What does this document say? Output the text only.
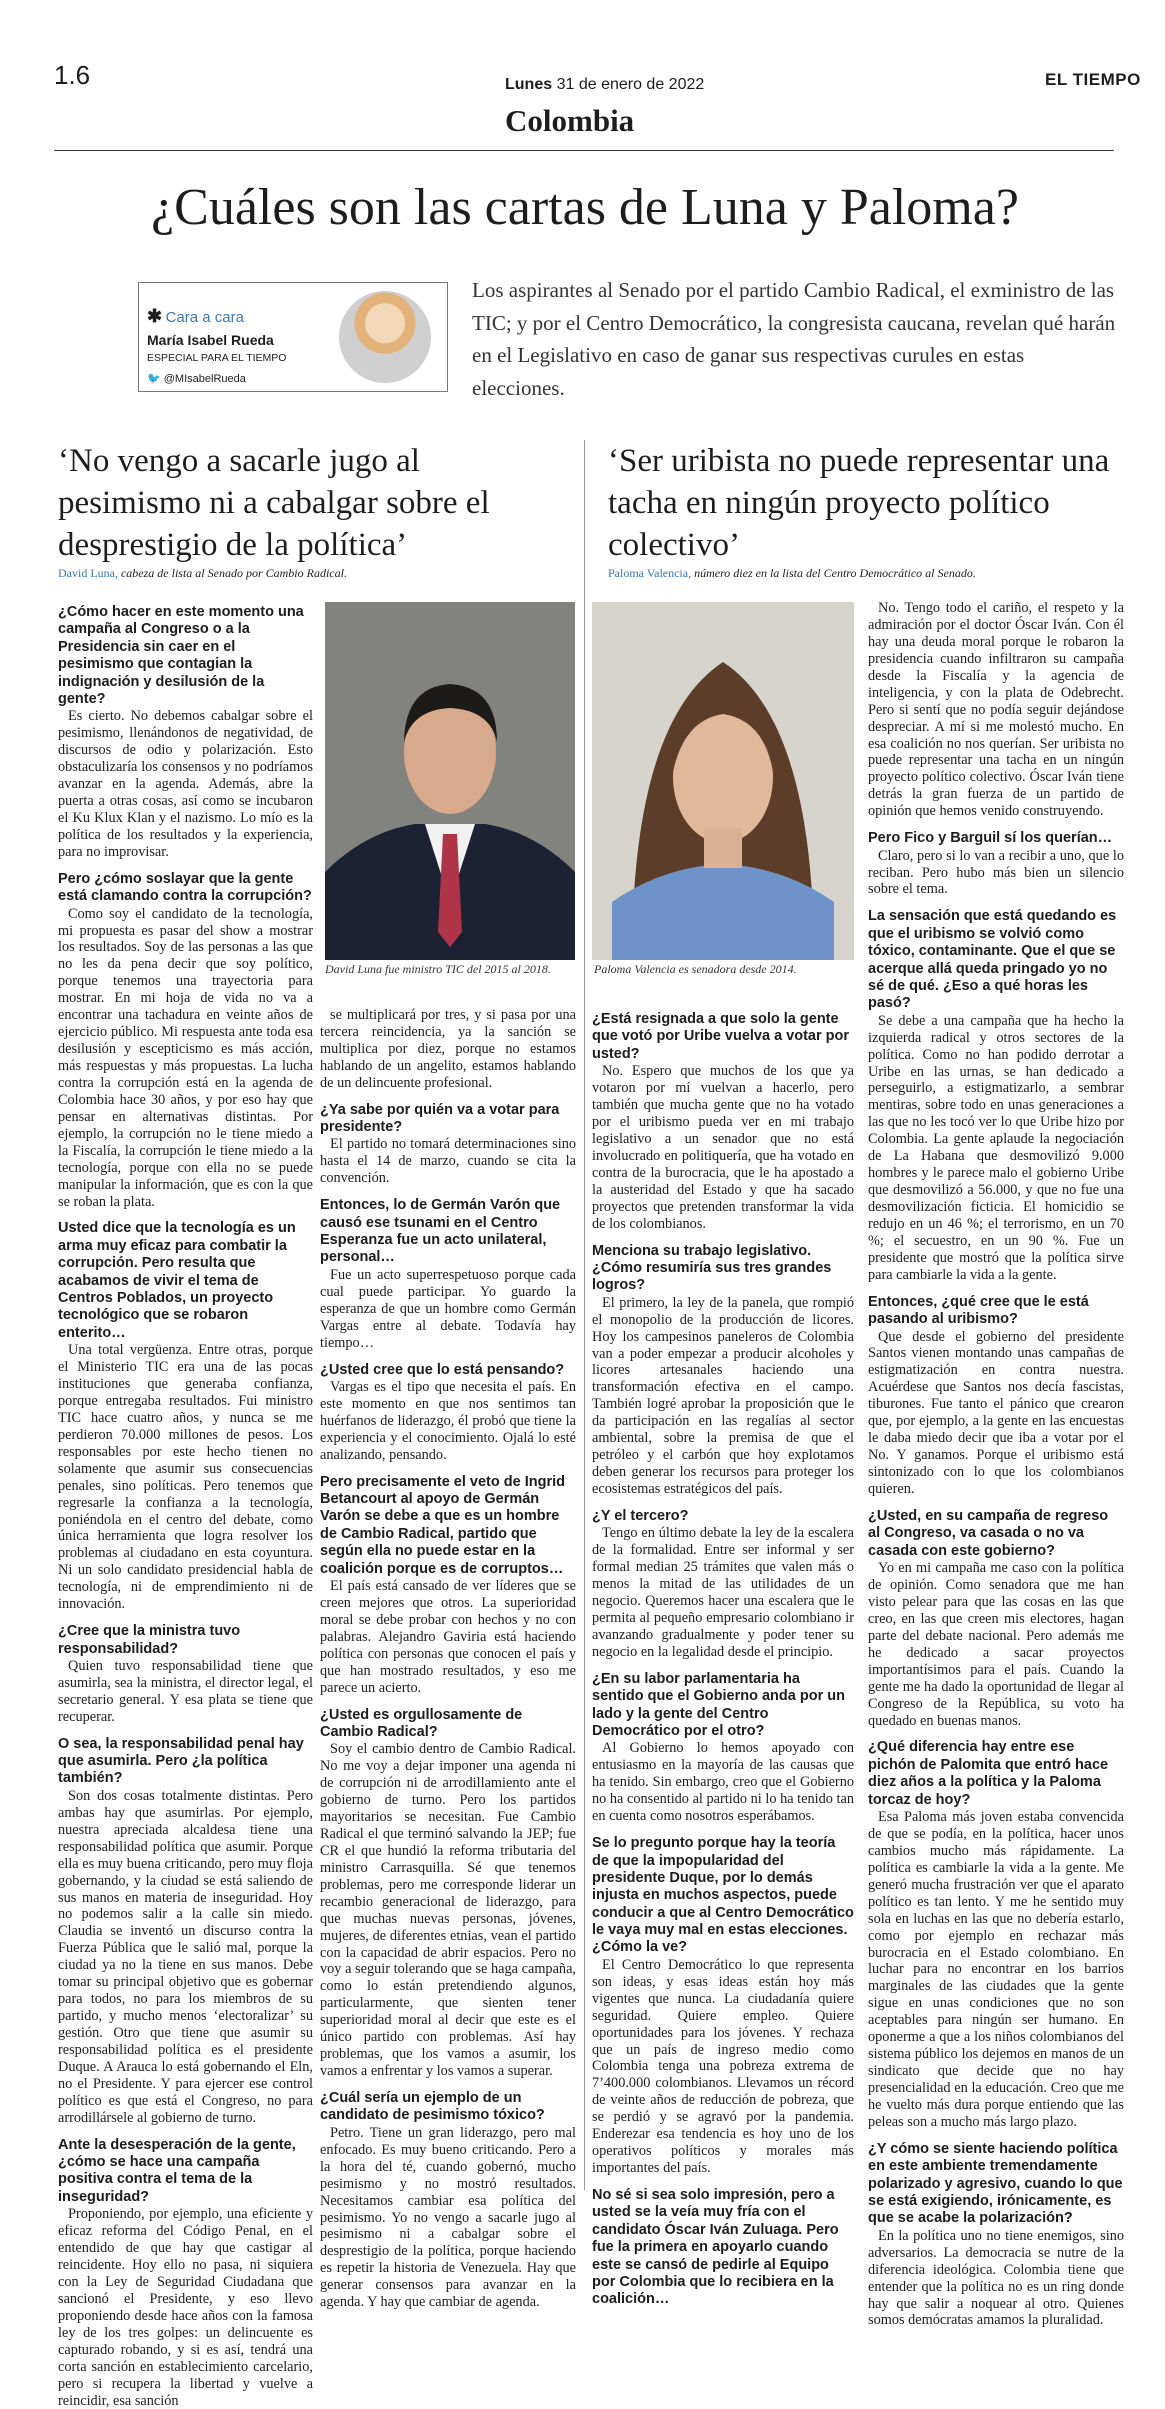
1.6	Lunes 31 de enero de 2022	EL TIEMPO
Colombia
¿Cuáles son las cartas de Luna y Paloma?
✱ Cara a cara
María Isabel Rueda
ESPECIAL PARA EL TIEMPO
🐦 @MIsabelRueda
Los aspirantes al Senado por el partido Cambio Radical, el exministro de las TIC; y por el Centro Democrático, la congresista caucana, revelan qué harán en el Legislativo en caso de ganar sus respectivas curules en estas elecciones.
‘No vengo a sacarle jugo al pesimismo ni a cabalgar sobre el desprestigio de la política’
David Luna, cabeza de lista al Senado por Cambio Radical.
¿Cómo hacer en este momento una campaña al Congreso o a la Presidencia sin caer en el pesimismo que contagian la indignación y desilusión de la gente?

Es cierto. No debemos cabalgar sobre el pesimismo, llenándonos de negatividad, de discursos de odio y polarización. Esto obstaculizaría los consensos y no podríamos avanzar en la agenda. Además, abre la puerta a otras cosas, así como se incubaron el Ku Klux Klan y el nazismo. Lo mío es la política de los resultados y la experiencia, para no improvisar.

Pero ¿cómo soslayar que la gente está clamando contra la corrupción?

Como soy el candidato de la tecnología, mi propuesta es pasar del show a mostrar los resultados. Soy de las personas a las que no les da pena decir que soy político, porque tenemos una trayectoria para mostrar. En mi hoja de vida no va a encontrar una tachadura en veinte años de ejercicio público. Mi respuesta ante toda esa desilusión y escepticismo es más acción, más respuestas y más propuestas. La lucha contra la corrupción está en la agenda de Colombia hace 30 años, y por eso hay que pensar en alternativas distintas. Por ejemplo, la corrupción no le tiene miedo a la Fiscalía, la corrupción le tiene miedo a la tecnología, porque con ella no se puede manipular la información, que es con la que se roban la plata.

Usted dice que la tecnología es un arma muy eficaz para combatir la corrupción. Pero resulta que acabamos de vivir el tema de Centros Poblados, un proyecto tecnológico que se robaron enterito…

Una total vergüenza. Entre otras, porque el Ministerio TIC era una de las pocas instituciones que generaba confianza, porque entregaba resultados. Fui ministro TIC hace cuatro años, y nunca se me perdieron 70.000 millones de pesos. Los responsables por este hecho tienen no solamente que asumir sus consecuencias penales, sino políticas. Pero tenemos que regresarle la confianza a la tecnología, poniéndola en el centro del debate, como única herramienta que logra resolver los problemas al ciudadano en esta coyuntura. Ni un solo candidato presidencial habla de tecnología, ni de emprendimiento ni de innovación.

¿Cree que la ministra tuvo responsabilidad?

Quien tuvo responsabilidad tiene que asumirla, sea la ministra, el director legal, el secretario general. Y esa plata se tiene que recuperar.

O sea, la responsabilidad penal hay que asumirla. Pero ¿la política también?

Son dos cosas totalmente distintas. Pero ambas hay que asumirlas. Por ejemplo, nuestra apreciada alcaldesa tiene una responsabilidad política que asumir. Porque ella es muy buena criticando, pero muy floja gobernando, y la ciudad se está saliendo de sus manos en materia de inseguridad. Hoy no podemos salir a la calle sin miedo. Claudia se inventó un discurso contra la Fuerza Pública que le salió mal, porque la ciudad ya no la tiene en sus manos. Debe tomar su principal objetivo que es gobernar para todos, no para los miembros de su partido, y mucho menos ‘electoralizar’ su gestión. Otro que tiene que asumir su responsabilidad política es el presidente Duque. A Arauca lo está gobernando el Eln, no el Presidente. Y para ejercer ese control político es que está el Congreso, no para arrodillársele al gobierno de turno.

Ante la desesperación de la gente, ¿cómo se hace una campaña positiva contra el tema de la inseguridad?

Proponiendo, por ejemplo, una eficiente y eficaz reforma del Código Penal, en el entendido de que hay que castigar al reincidente. Hoy ello no pasa, ni siquiera con la Ley de Seguridad Ciudadana que sancionó el Presidente, y eso llevo proponiendo desde hace años con la famosa ley de los tres golpes: un delincuente es capturado robando, y si es así, tendrá una corta sanción en establecimiento carcelario, pero si recupera la libertad y vuelve a reincidir, esa sanción

David Luna fue ministro TIC del 2015 al 2018.

se multiplicará por tres, y si pasa por una tercera reincidencia, ya la sanción se multiplica por diez, porque no estamos hablando de un angelito, estamos hablando de un delincuente profesional.

¿Ya sabe por quién va a votar para presidente?

El partido no tomará determinaciones sino hasta el 14 de marzo, cuando se cita la convención.

Entonces, lo de Germán Varón que causó ese tsunami en el Centro Esperanza fue un acto unilateral, personal…

Fue un acto superrespetuoso porque cada cual puede participar. Yo guardo la esperanza de que un hombre como Germán Vargas entre al debate. Todavía hay tiempo…

¿Usted cree que lo está pensando?

Vargas es el tipo que necesita el país. En este momento en que nos sentimos tan huérfanos de liderazgo, él probó que tiene la experiencia y el conocimiento. Ojalá lo esté analizando, pensando.

Pero precisamente el veto de Ingrid Betancourt al apoyo de Germán Varón se debe a que es un hombre de Cambio Radical, partido que según ella no puede estar en la coalición porque es de corruptos…

El país está cansado de ver líderes que se creen mejores que otros. La superioridad moral se debe probar con hechos y no con palabras. Alejandro Gaviria está haciendo política con personas que conocen el país y que han mostrado resultados, y eso me parece un acierto.

¿Usted es orgullosamente de Cambio Radical?

Soy el cambio dentro de Cambio Radical. No me voy a dejar imponer una agenda ni de corrupción ni de arrodillamiento ante el gobierno de turno. Pero los partidos mayoritarios se necesitan. Fue Cambio Radical el que terminó salvando la JEP; fue CR el que hundió la reforma tributaria del ministro Carrasquilla. Sé que tenemos problemas, pero me corresponde liderar un recambio generacional de liderazgo, para que muchas nuevas personas, jóvenes, mujeres, de diferentes etnias, vean el partido con la capacidad de abrir espacios. Pero no voy a seguir tolerando que se haga campaña, como lo están pretendiendo algunos, particularmente, que sienten tener superioridad moral al decir que este es el único partido con problemas. Así hay problemas, que los vamos a asumir, los vamos a enfrentar y los vamos a superar.

¿Cuál sería un ejemplo de un candidato de pesimismo tóxico?

Petro. Tiene un gran liderazgo, pero mal enfocado. Es muy bueno criticando. Pero a la hora del té, cuando gobernó, mucho pesimismo y no mostró resultados. Necesitamos cambiar esa política del pesimismo. Yo no vengo a sacarle jugo al pesimismo ni a cabalgar sobre el desprestigio de la política, porque haciendo es repetir la historia de Venezuela. Hay que generar consensos para avanzar en la agenda. Y hay que cambiar de agenda.

‘Ser uribista no puede representar una tacha en ningún proyecto político colectivo’
Paloma Valencia, número diez en la lista del Centro Democrático al Senado.
Paloma Valencia es senadora desde 2014.
¿Está resignada a que solo la gente que votó por Uribe vuelva a votar por usted?

No. Espero que muchos de los que ya votaron por mí vuelvan a hacerlo, pero también que mucha gente que no ha votado por el uribismo pueda ver en mi trabajo legislativo a un senador que no está involucrado en politiquería, que ha votado en contra de la burocracia, que le ha apostado a la austeridad del Estado y que ha sacado proyectos que pretenden transformar la vida de los colombianos.

Menciona su trabajo legislativo. ¿Cómo resumiría sus tres grandes logros?

El primero, la ley de la panela, que rompió el monopolio de la producción de licores. Hoy los campesinos paneleros de Colombia van a poder empezar a producir alcoholes y licores artesanales haciendo una transformación efectiva en el campo. También logré aprobar la proposición que le da participación en las regalías al sector ambiental, sobre la premisa de que el petróleo y el carbón que hoy explotamos deben generar los recursos para proteger los ecosistemas estratégicos del país.

¿Y el tercero?

Tengo en último debate la ley de la escalera de la formalidad. Entre ser informal y ser formal median 25 trámites que valen más o menos la mitad de las utilidades de un negocio. Queremos hacer una escalera que le permita al pequeño empresario colombiano ir avanzando gradualmente y poder tener su negocio en la legalidad desde el principio.

¿En su labor parlamentaria ha sentido que el Gobierno anda por un lado y la gente del Centro Democrático por el otro?

Al Gobierno lo hemos apoyado con entusiasmo en la mayoría de las causas que ha tenido. Sin embargo, creo que el Gobierno no ha consentido al partido ni lo ha tenido tan en cuenta como nosotros esperábamos.

Se lo pregunto porque hay la teoría de que la impopularidad del presidente Duque, por lo demás injusta en muchos aspectos, puede conducir a que al Centro Democrático le vaya muy mal en estas elecciones. ¿Cómo la ve?

El Centro Democrático lo que representa son ideas, y esas ideas están hoy más vigentes que nunca. La ciudadanía quiere seguridad. Quiere empleo. Quiere oportunidades para los jóvenes. Y rechaza que un país de ingreso medio como Colombia tenga una pobreza extrema de 7’400.000 colombianos. Llevamos un récord de veinte años de reducción de pobreza, que se perdió y se agravó por la pandemia. Enderezar esa tendencia es hoy uno de los operativos políticos y morales más importantes del país.

No sé si sea solo impresión, pero a usted se la veía muy fría con el candidato Óscar Iván Zuluaga. Pero fue la primera en apoyarlo cuando este se cansó de pedirle al Equipo por Colombia que lo recibiera en la coalición…

No. Tengo todo el cariño, el respeto y la admiración por el doctor Óscar Iván. Con él hay una deuda moral porque le robaron la presidencia cuando infiltraron su campaña desde la Fiscalía y la agencia de inteligencia, y con la plata de Odebrecht. Pero si sentí que no podía seguir dejándose despreciar. A mí si me molestó mucho. En esa coalición no nos querían. Ser uribista no puede representar una tacha en un ningún proyecto político colectivo. Óscar Iván tiene detrás la gran fuerza de un partido de opinión que hemos venido construyendo.

Pero Fico y Barguil sí los querían…

Claro, pero si lo van a recibir a uno, que lo reciban. Pero hubo más bien un silencio sobre el tema.

La sensación que está quedando es que el uribismo se volvió como tóxico, contaminante. Que el que se acerque allá queda pringado yo no sé de qué. ¿Eso a qué horas les pasó?

Se debe a una campaña que ha hecho la izquierda radical y otros sectores de la política. Como no han podido derrotar a Uribe en las urnas, se han dedicado a perseguirlo, a estigmatizarlo, a sembrar mentiras, sobre todo en unas generaciones a las que no les tocó ver lo que Uribe hizo por Colombia. La gente aplaude la negociación de La Habana que desmovilizó 9.000 hombres y le parece malo el gobierno Uribe que desmovilizó a 56.000, y que no fue una desmovilización ficticia. El homicidio se redujo en un 46 %; el terrorismo, en un 70 %; el secuestro, en un 90 %. Fue un presidente que mostró que la política sirve para cambiarle la vida a la gente.

Entonces, ¿qué cree que le está pasando al uribismo?

Que desde el gobierno del presidente Santos vienen montando unas campañas de estigmatización en contra nuestra. Acuérdese que Santos nos decía fascistas, tiburones. Fue tanto el pánico que crearon que, por ejemplo, a la gente en las encuestas le daba miedo decir que iba a votar por el No. Y ganamos. Porque el uribismo está sintonizado con lo que los colombianos quieren.

¿Usted, en su campaña de regreso al Congreso, va casada o no va casada con este gobierno?

Yo en mi campaña me caso con la política de opinión. Como senadora que me han visto pelear para que las cosas en las que creo, en las que creen mis electores, hagan parte del debate nacional. Pero además me he dedicado a sacar proyectos importantísimos para el país. Cuando la gente me ha dado la oportunidad de llegar al Congreso de la República, su voto ha quedado en buenas manos.

¿Qué diferencia hay entre ese pichón de Palomita que entró hace diez años a la política y la Paloma torcaz de hoy?

Esa Paloma más joven estaba convencida de que se podía, en la política, hacer unos cambios mucho más rápidamente. La política es cambiarle la vida a la gente. Me generó mucha frustración ver que el aparato político es tan lento. Y me he sentido muy sola en luchas en las que no debería estarlo, como por ejemplo en rechazar más burocracia en el Estado colombiano. En luchar para no encontrar en los barrios marginales de las ciudades que la gente sigue en unas condiciones que no son aceptables para ningún ser humano. En oponerme a que a los niños colombianos del sistema público los dejemos en manos de un sindicato que decide que no hay presencialidad en la educación. Creo que me he vuelto más dura porque entiendo que las peleas son a mucho más largo plazo.

¿Y cómo se siente haciendo política en este ambiente tremendamente polarizado y agresivo, cuando lo que se está exigiendo, irónicamente, es que se acabe la polarización?

En la política uno no tiene enemigos, sino adversarios. La democracia se nutre de la diferencia ideológica. Colombia tiene que entender que la política no es un ring donde hay que salir a noquear al otro. Quienes somos demócratas amamos la pluralidad.
